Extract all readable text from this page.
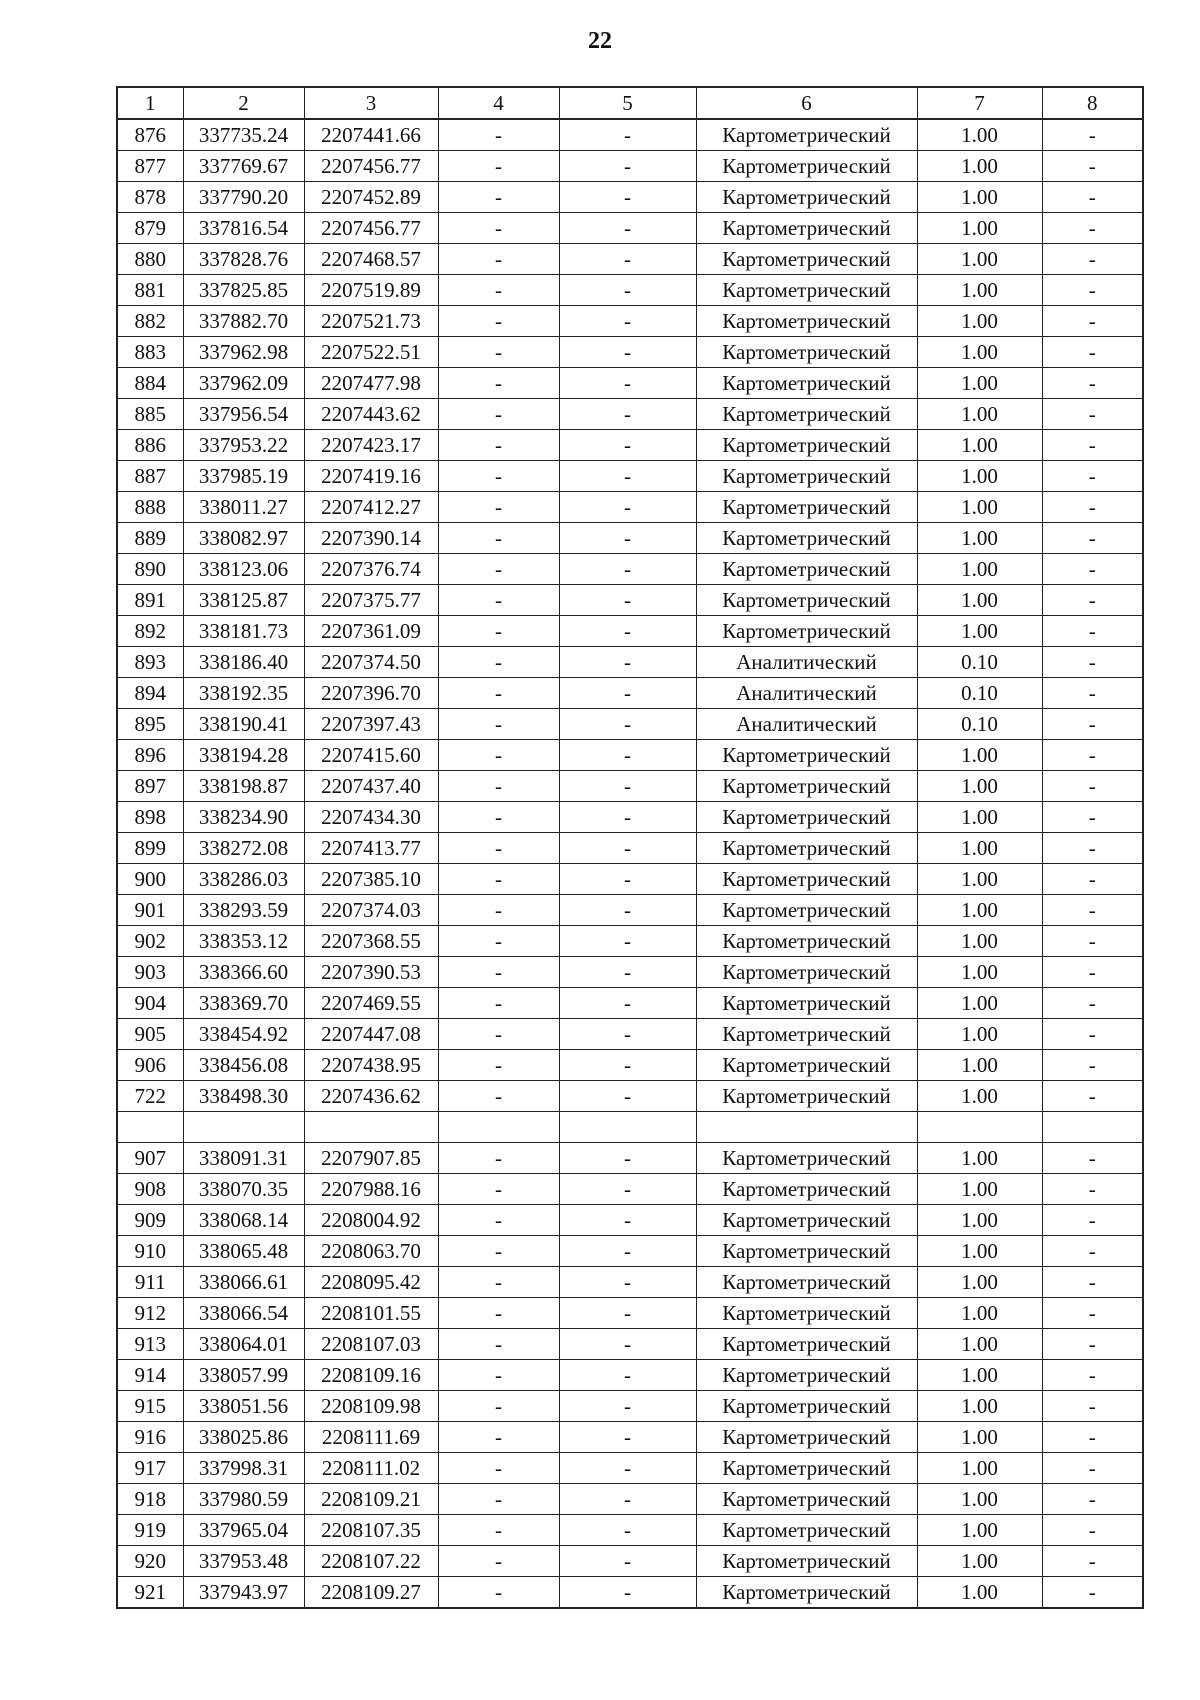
22
1	2	3	4	5	6	7	8
876	337735.24	2207441.66	-	-	Картометрический	1.00	-
877	337769.67	2207456.77	-	-	Картометрический	1.00	-
878	337790.20	2207452.89	-	-	Картометрический	1.00	-
879	337816.54	2207456.77	-	-	Картометрический	1.00	-
880	337828.76	2207468.57	-	-	Картометрический	1.00	-
881	337825.85	2207519.89	-	-	Картометрический	1.00	-
882	337882.70	2207521.73	-	-	Картометрический	1.00	-
883	337962.98	2207522.51	-	-	Картометрический	1.00	-
884	337962.09	2207477.98	-	-	Картометрический	1.00	-
885	337956.54	2207443.62	-	-	Картометрический	1.00	-
886	337953.22	2207423.17	-	-	Картометрический	1.00	-
887	337985.19	2207419.16	-	-	Картометрический	1.00	-
888	338011.27	2207412.27	-	-	Картометрический	1.00	-
889	338082.97	2207390.14	-	-	Картометрический	1.00	-
890	338123.06	2207376.74	-	-	Картометрический	1.00	-
891	338125.87	2207375.77	-	-	Картометрический	1.00	-
892	338181.73	2207361.09	-	-	Картометрический	1.00	-
893	338186.40	2207374.50	-	-	Аналитический	0.10	-
894	338192.35	2207396.70	-	-	Аналитический	0.10	-
895	338190.41	2207397.43	-	-	Аналитический	0.10	-
896	338194.28	2207415.60	-	-	Картометрический	1.00	-
897	338198.87	2207437.40	-	-	Картометрический	1.00	-
898	338234.90	2207434.30	-	-	Картометрический	1.00	-
899	338272.08	2207413.77	-	-	Картометрический	1.00	-
900	338286.03	2207385.10	-	-	Картометрический	1.00	-
901	338293.59	2207374.03	-	-	Картометрический	1.00	-
902	338353.12	2207368.55	-	-	Картометрический	1.00	-
903	338366.60	2207390.53	-	-	Картометрический	1.00	-
904	338369.70	2207469.55	-	-	Картометрический	1.00	-
905	338454.92	2207447.08	-	-	Картометрический	1.00	-
906	338456.08	2207438.95	-	-	Картометрический	1.00	-
722	338498.30	2207436.62	-	-	Картометрический	1.00	-

907	338091.31	2207907.85	-	-	Картометрический	1.00	-
908	338070.35	2207988.16	-	-	Картометрический	1.00	-
909	338068.14	2208004.92	-	-	Картометрический	1.00	-
910	338065.48	2208063.70	-	-	Картометрический	1.00	-
911	338066.61	2208095.42	-	-	Картометрический	1.00	-
912	338066.54	2208101.55	-	-	Картометрический	1.00	-
913	338064.01	2208107.03	-	-	Картометрический	1.00	-
914	338057.99	2208109.16	-	-	Картометрический	1.00	-
915	338051.56	2208109.98	-	-	Картометрический	1.00	-
916	338025.86	2208111.69	-	-	Картометрический	1.00	-
917	337998.31	2208111.02	-	-	Картометрический	1.00	-
918	337980.59	2208109.21	-	-	Картометрический	1.00	-
919	337965.04	2208107.35	-	-	Картометрический	1.00	-
920	337953.48	2208107.22	-	-	Картометрический	1.00	-
921	337943.97	2208109.27	-	-	Картометрический	1.00	-
